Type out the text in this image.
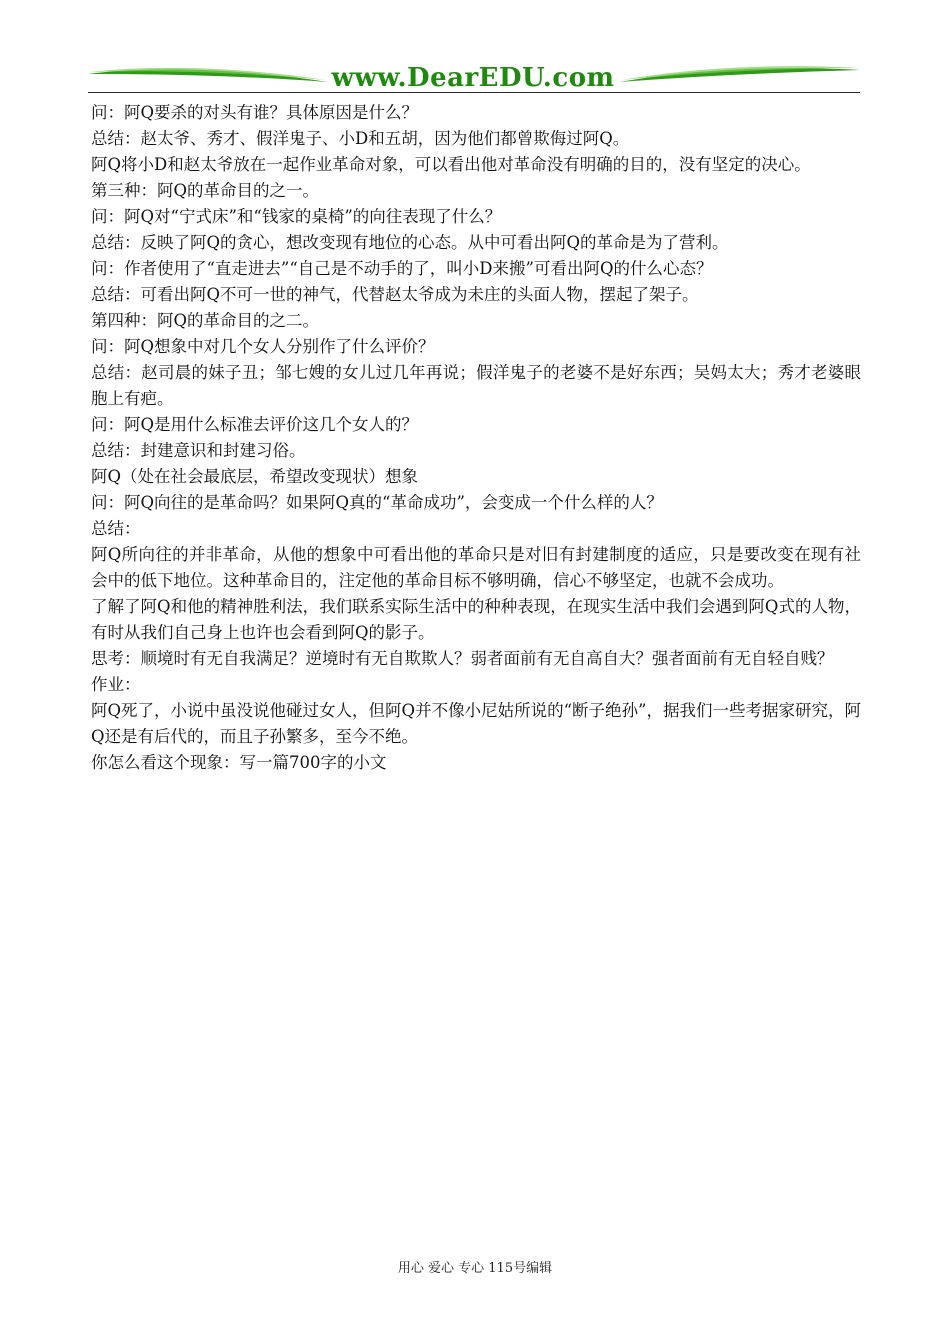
www.DearEDU.com

问：阿Q要杀的对头有谁？具体原因是什么？

总结：赵太爷、秀才、假洋鬼子、小D和五胡，因为他们都曾欺侮过阿Q。

阿Q将小D和赵太爷放在一起作业革命对象，可以看出他对革命没有明确的目的，没有坚定的决心。

第三种：阿Q的革命目的之一。

问：阿Q对“宁式床”和“钱家的桌椅”的向往表现了什么？

总结：反映了阿Q的贪心，想改变现有地位的心态。从中可看出阿Q的革命是为了营利。

问：作者使用了“直走进去”“自己是不动手的了，叫小D来搬”可看出阿Q的什么心态？

总结：可看出阿Q不可一世的神气，代替赵太爷成为未庄的头面人物，摆起了架子。

第四种：阿Q的革命目的之二。

问：阿Q想象中对几个女人分别作了什么评价？

总结：赵司晨的妹子丑；邹七嫂的女儿过几年再说；假洋鬼子的老婆不是好东西；吴妈太大；秀才老婆眼胞上有疤。

问：阿Q是用什么标准去评价这几个女人的？

总结：封建意识和封建习俗。

阿Q（处在社会最底层，希望改变现状）想象

问：阿Q向往的是革命吗？如果阿Q真的“革命成功”，会变成一个什么样的人？

总结：

阿Q所向往的并非革命，从他的想象中可看出他的革命只是对旧有封建制度的适应，只是要改变在现有社会中的低下地位。这种革命目的，注定他的革命目标不够明确，信心不够坚定，也就不会成功。

了解了阿Q和他的精神胜利法，我们联系实际生活中的种种表现，在现实生活中我们会遇到阿Q式的人物，有时从我们自己身上也许也会看到阿Q的影子。

思考：顺境时有无自我满足？逆境时有无自欺欺人？弱者面前有无自高自大？强者面前有无自轻自贱？

作业：

阿Q死了，小说中虽没说他碰过女人，但阿Q并不像小尼姑所说的“断子绝孙”，据我们一些考据家研究，阿Q还是有后代的，而且子孙繁多，至今不绝。

你怎么看这个现象：写一篇700字的小文

用心 爱心 专心 115号编辑
